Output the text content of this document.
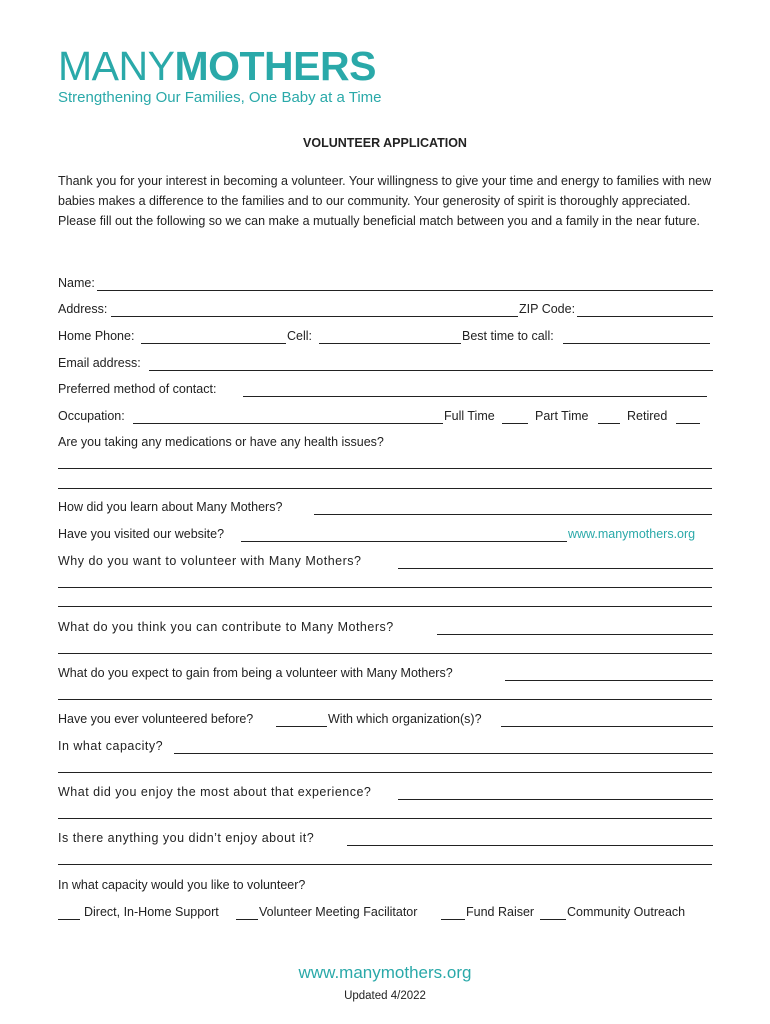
MANYMOTHERS
Strengthening Our Families, One Baby at a Time
VOLUNTEER APPLICATION
Thank you for your interest in becoming a volunteer. Your willingness to give your time and energy to families with new babies makes a difference to the families and to our community. Your generosity of spirit is thoroughly appreciated. Please fill out the following so we can make a mutually beneficial match between you and a family in the near future.
Name:
Address:	ZIP Code:
Home Phone:	Cell:	Best time to call:
Email address:
Preferred method of contact:
Occupation:	Full Time	Part Time	Retired
Are you taking any medications or have any health issues?
How did you learn about Many Mothers?
Have you visited our website?	www.manymothers.org
Why do you want to volunteer with Many Mothers?
What do you think you can contribute to Many Mothers?
What do you expect to gain from being a volunteer with Many Mothers?
Have you ever volunteered before?	With which organization(s)?
In what capacity?
What did you enjoy the most about that experience?
Is there anything you didn’t enjoy about it?
In what capacity would you like to volunteer?
Direct, In-Home Support	Volunteer Meeting Facilitator	Fund Raiser	Community Outreach
www.manymothers.org
Updated 4/2022
